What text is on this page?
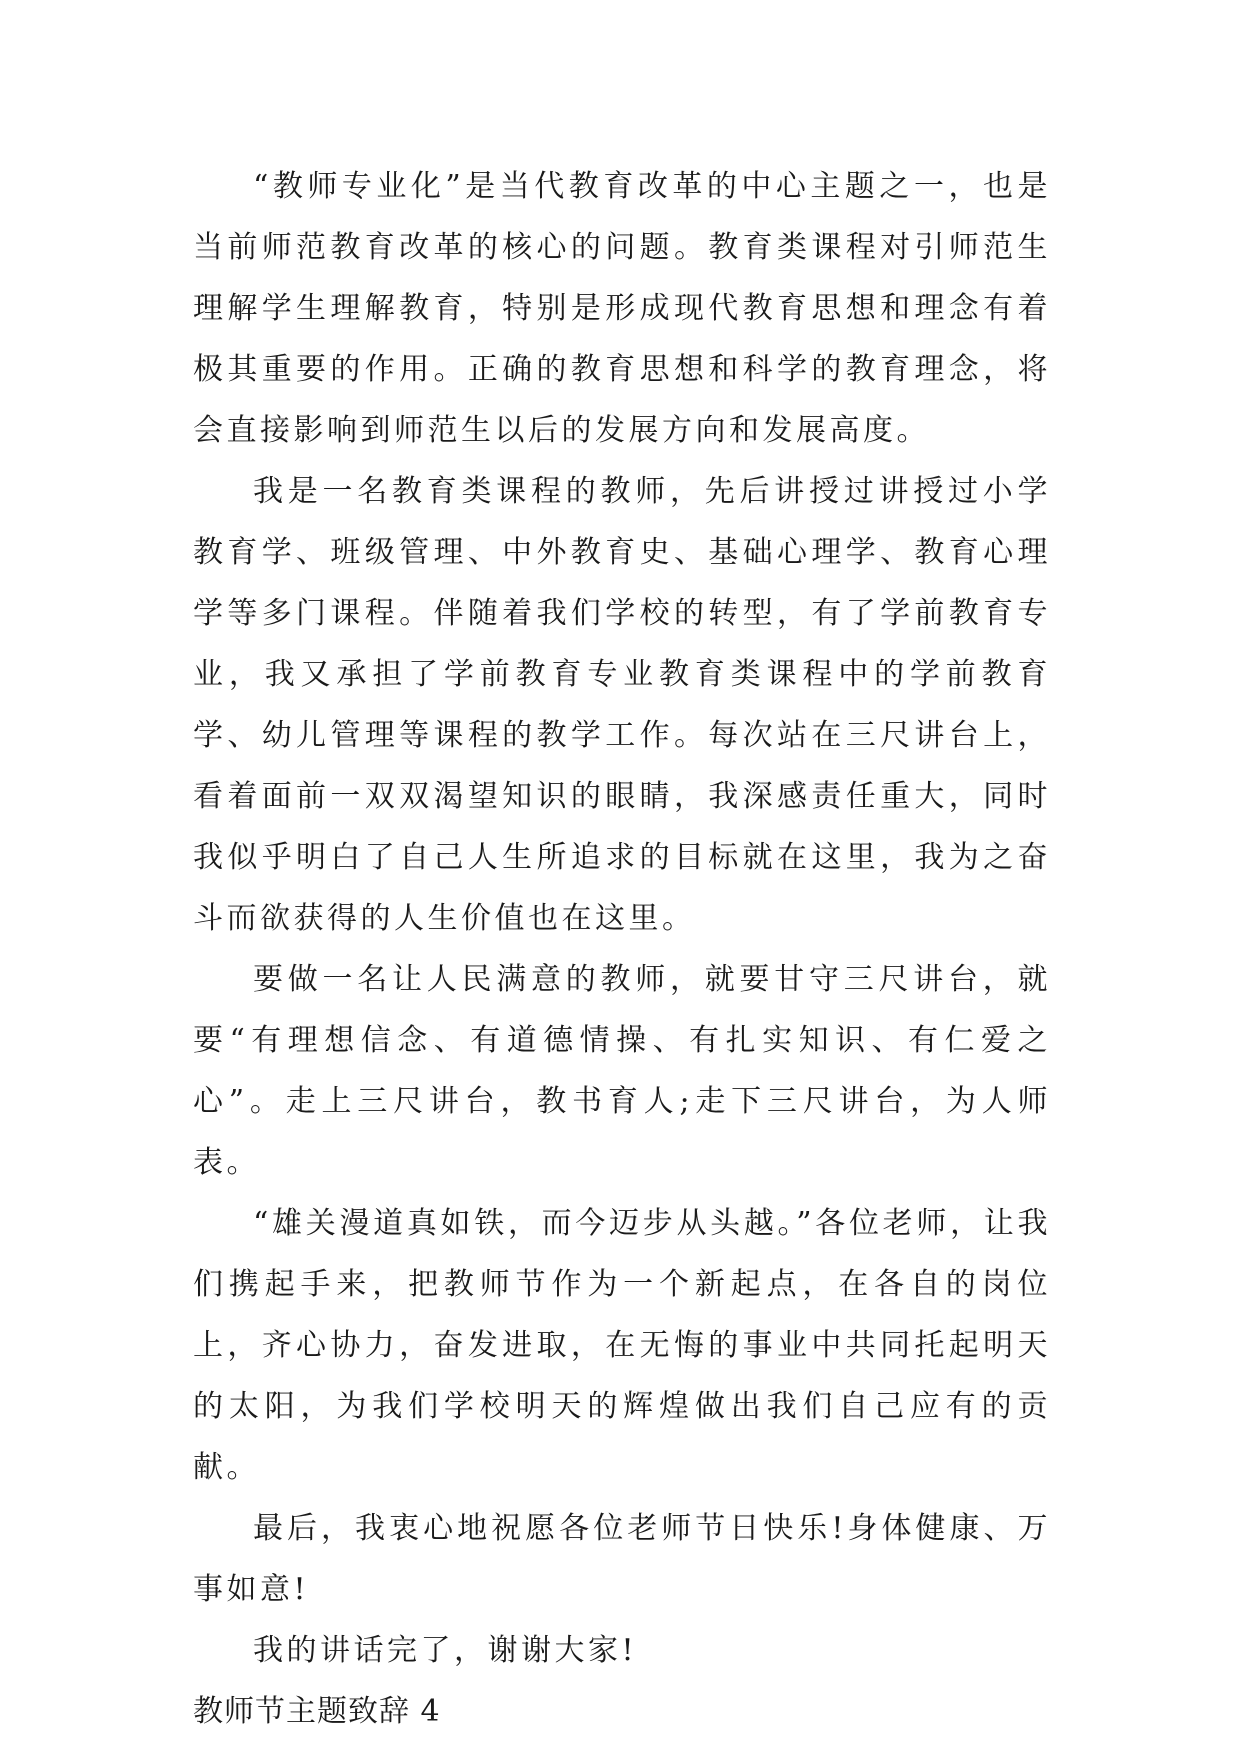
“教师专业化”是当代教育改革的中心主题之一，也是当前师范教育改革的核心的问题。教育类课程对引师范生理解学生理解教育，特别是形成现代教育思想和理念有着极其重要的作用。正确的教育思想和科学的教育理念，将会直接影响到师范生以后的发展方向和发展高度。

我是一名教育类课程的教师，先后讲授过讲授过小学教育学、班级管理、中外教育史、基础心理学、教育心理学等多门课程。伴随着我们学校的转型，有了学前教育专业，我又承担了学前教育专业教育类课程中的学前教育学、幼儿管理等课程的教学工作。每次站在三尺讲台上，看着面前一双双渴望知识的眼睛，我深感责任重大，同时我似乎明白了自己人生所追求的目标就在这里，我为之奋斗而欲获得的人生价值也在这里。

要做一名让人民满意的教师，就要甘守三尺讲台，就要“有理想信念、有道德情操、有扎实知识、有仁爱之心”。走上三尺讲台，教书育人;走下三尺讲台，为人师表。

“雄关漫道真如铁，而今迈步从头越。”各位老师，让我们携起手来，把教师节作为一个新起点，在各自的岗位上，齐心协力，奋发进取，在无悔的事业中共同托起明天的太阳，为我们学校明天的辉煌做出我们自己应有的贡献。

最后，我衷心地祝愿各位老师节日快乐!身体健康、万事如意!

我的讲话完了，谢谢大家!

教师节主题致辞 4
